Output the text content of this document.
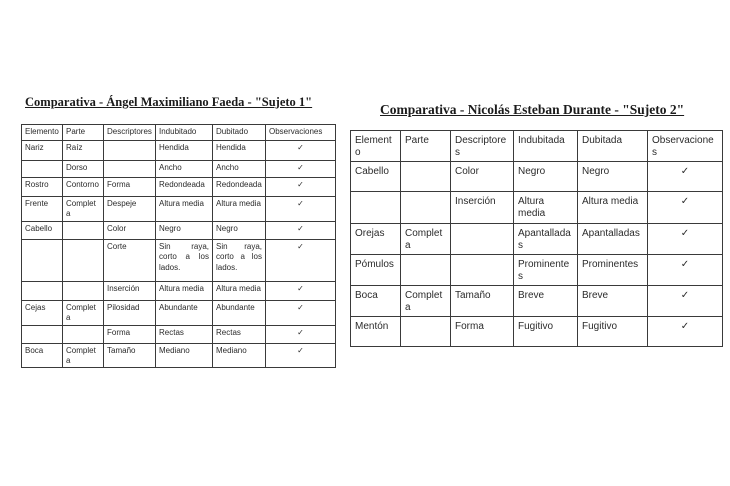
Comparativa - Ángel Maximiliano Faeda - "Sujeto 1"
Elemento	Parte	Descriptores	Indubitado	Dubitado	Observaciones
Nariz	Raíz		Hendida	Hendida	✓
	Dorso		Ancho	Ancho	✓
Rostro	Contorno	Forma	Redondeada	Redondeada	✓
Frente	Completa	Despeje	Altura media	Altura media	✓
Cabello		Color	Negro	Negro	✓
		Corte	Sin raya, corto a los lados.	Sin raya, corto a los lados.	✓
		Inserción	Altura media	Altura media	✓
Cejas	Completa	Pilosidad	Abundante	Abundante	✓
		Forma	Rectas	Rectas	✓
Boca	Completa	Tamaño	Mediano	Mediano	✓
Comparativa - Nicolás Esteban Durante - "Sujeto 2"
Elemento	Parte	Descriptores	Indubitada	Dubitada	Observaciones
Cabello		Color	Negro	Negro	✓
		Inserción	Altura media	Altura media	✓
Orejas	Completa		Apantalladas	Apantalladas	✓
Pómulos			Prominentes	Prominentes	✓
Boca	Completa	Tamaño	Breve	Breve	✓
Mentón		Forma	Fugitivo	Fugitivo	✓
